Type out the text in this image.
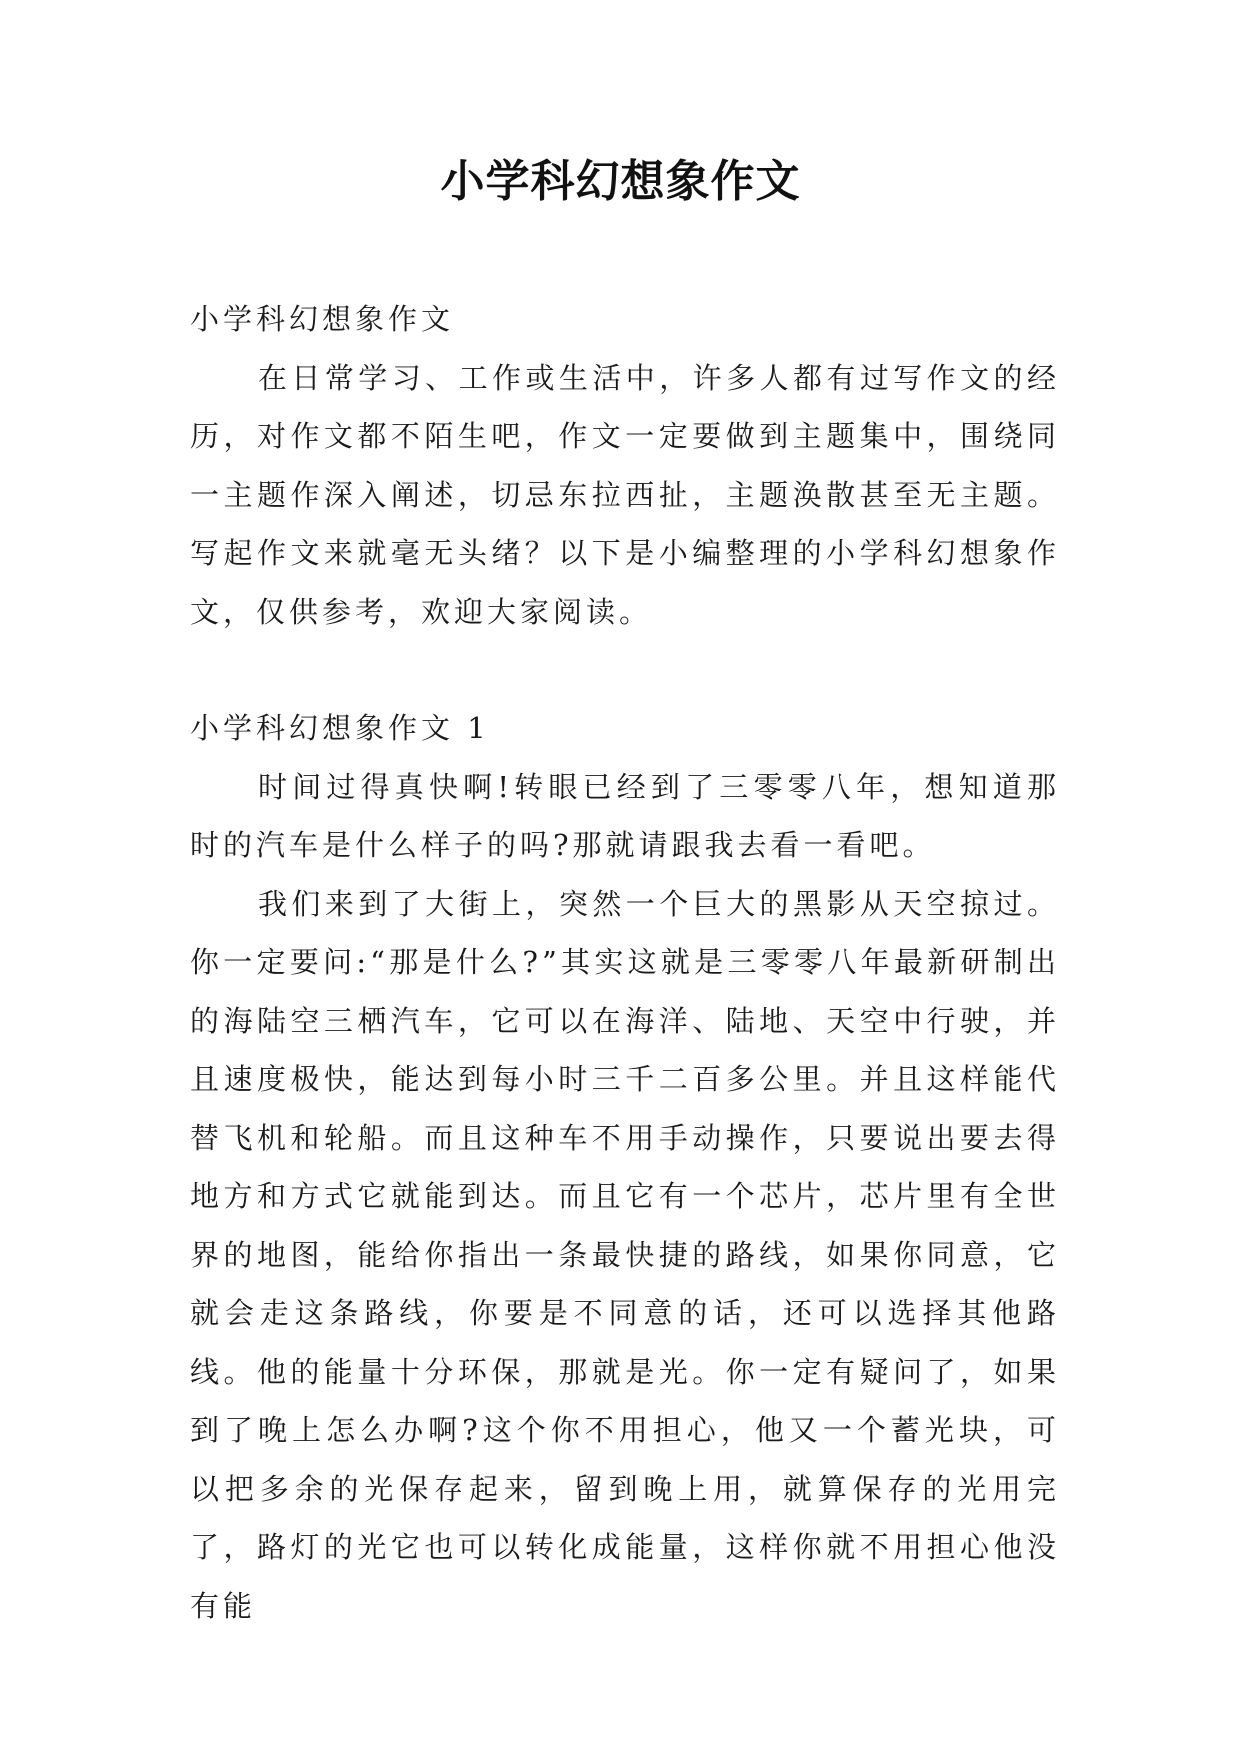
小学科幻想象作文

小学科幻想象作文

在日常学习、工作或生活中，许多人都有过写作文的经历，对作文都不陌生吧，作文一定要做到主题集中，围绕同一主题作深入阐述，切忌东拉西扯，主题涣散甚至无主题。写起作文来就毫无头绪？以下是小编整理的小学科幻想象作文，仅供参考，欢迎大家阅读。

小学科幻想象作文 1

时间过得真快啊!转眼已经到了三零零八年，想知道那时的汽车是什么样子的吗?那就请跟我去看一看吧。

我们来到了大街上，突然一个巨大的黑影从天空掠过。你一定要问:“那是什么?”其实这就是三零零八年最新研制出的海陆空三栖汽车，它可以在海洋、陆地、天空中行驶，并且速度极快，能达到每小时三千二百多公里。并且这样能代替飞机和轮船。而且这种车不用手动操作，只要说出要去得地方和方式它就能到达。而且它有一个芯片，芯片里有全世界的地图，能给你指出一条最快捷的路线，如果你同意，它就会走这条路线，你要是不同意的话，还可以选择其他路线。他的能量十分环保，那就是光。你一定有疑问了，如果到了晚上怎么办啊?这个你不用担心，他又一个蓄光块，可以把多余的光保存起来，留到晚上用，就算保存的光用完了，路灯的光它也可以转化成能量，这样你就不用担心他没有能
